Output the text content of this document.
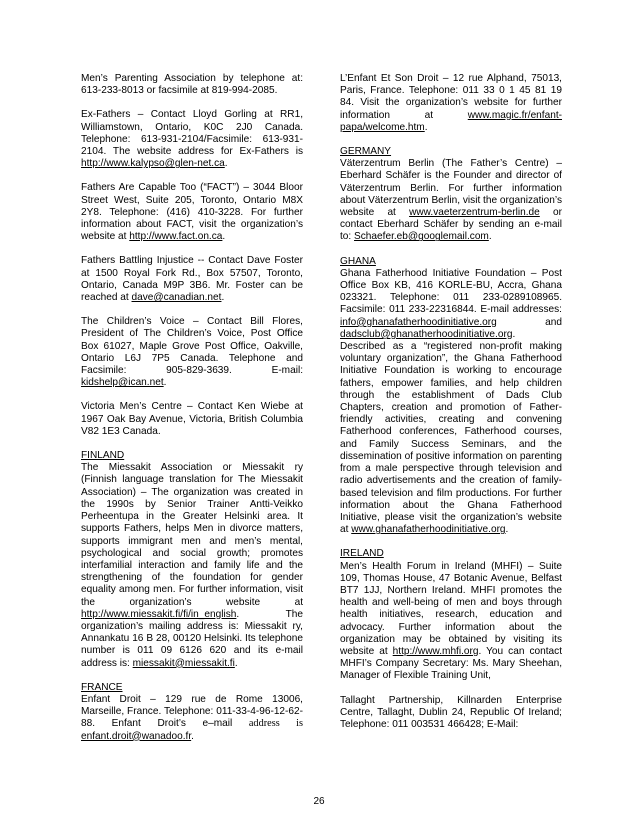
Men’s Parenting Association by telephone at: 613-233-8013 or facsimile at 819-994-2085.

Ex-Fathers – Contact Lloyd Gorling at RR1, Williamstown, Ontario, K0C 2J0 Canada. Telephone: 613-931-2104/Facsimile: 613-931-2104. The website address for Ex-Fathers is http://www.kalypso@glen-net.ca.

Fathers Are Capable Too (“FACT”) – 3044 Bloor Street West, Suite 205, Toronto, Ontario M8X 2Y8. Telephone: (416) 410-3228. For further information about FACT, visit the organization’s website at http://www.fact.on.ca.

Fathers Battling Injustice -- Contact Dave Foster at 1500 Royal Fork Rd., Box 57507, Toronto, Ontario, Canada M9P 3B6. Mr. Foster can be reached at dave@canadian.net.

The Children’s Voice – Contact Bill Flores, President of The Children’s Voice, Post Office Box 61027, Maple Grove Post Office, Oakville, Ontario L6J 7P5 Canada. Telephone and Facsimile: 905-829-3639. E-mail: kidshelp@ican.net.

Victoria Men’s Centre – Contact Ken Wiebe at 1967 Oak Bay Avenue, Victoria, British Columbia V82 1E3 Canada.

FINLAND
The Miessakit Association or Miessakit ry (Finnish language translation for The Miessakit Association) – The organization was created in the 1990s by Senior Trainer Antti-Veikko Perheentupa in the Greater Helsinki area. It supports Fathers, helps Men in divorce matters, supports immigrant men and men’s mental, psychological and social growth; promotes interfamilial interaction and family life and the strengthening of the foundation for gender equality among men. For further information, visit the organization’s website at http://www.miessakit.fi/fi/in_english. The organization’s mailing address is: Miessakit ry, Annankatu 16 B 28, 00120 Helsinki. Its telephone number is 011 09 6126 620 and its e-mail address is: miessakit@miessakit.fi.

FRANCE
Enfant Droit – 129 rue de Rome 13006, Marseille, France. Telephone: 011-33-4-96-12-62-88. Enfant Droit’s e–mail address is enfant.droit@wanadoo.fr.

L’Enfant Et Son Droit – 12 rue Alphand, 75013, Paris, France. Telephone: 011 33 0 1 45 81 19 84. Visit the organization’s website for further information at www.magic.fr/enfant-papa/welcome.htm.

GERMANY
Väterzentrum Berlin (The Father’s Centre) – Eberhard Schäfer is the Founder and director of Väterzentrum Berlin. For further information about Väterzentrum Berlin, visit the organization’s website at www.vaeterzentrum-berlin.de or contact Eberhard Schäfer by sending an e-mail to: Schaefer.eb@googlemail.com.

GHANA
Ghana Fatherhood Initiative Foundation – Post Office Box KB, 416 KORLE-BU, Accra, Ghana 023321. Telephone: 011 233-0289108965. Facsimile: 011 233-22316844. E-mail addresses: info@ghanafatherhoodinitiative.org and dadsclub@ghanatherhoodinitiative.org. Described as a “registered non-profit making voluntary organization”, the Ghana Fatherhood Initiative Foundation is working to encourage fathers, empower families, and help children through the establishment of Dads Club Chapters, creation and promotion of Father-friendly activities, creating and convening Fatherhood conferences, Fatherhood courses, and Family Success Seminars, and the dissemination of positive information on parenting from a male perspective through television and radio advertisements and the creation of family-based television and film productions. For further information about the Ghana Fatherhood Initiative, please visit the organization’s website at www.ghanafatherhoodinitiative.org.

IRELAND
Men’s Health Forum in Ireland (MHFI) – Suite 109, Thomas House, 47 Botanic Avenue, Belfast BT7 1JJ, Northern Ireland. MHFI promotes the health and well-being of men and boys through health initiatives, research, education and advocacy. Further information about the organization may be obtained by visiting its website at http://www.mhfi.org. You can contact MHFI’s Company Secretary: Ms. Mary Sheehan, Manager of Flexible Training Unit,

Tallaght Partnership, Killnarden Enterprise Centre, Tallaght, Dublin 24, Republic Of Ireland; Telephone: 011 003531 466428; E-Mail:

26
